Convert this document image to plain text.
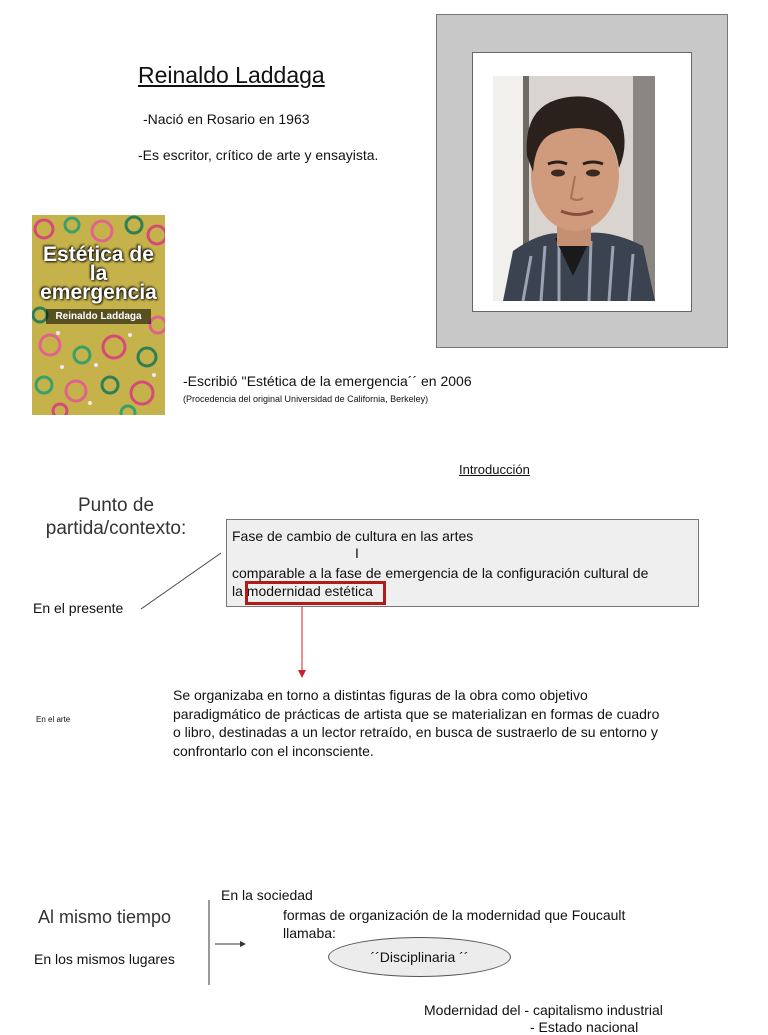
Reinaldo Laddaga
-Nació en Rosario en 1963
-Es escritor, crítico de arte y ensayista.
Estética de la
emergencia
Reinaldo Laddaga
-Escribió ''Estética de la emergencia´´ en 2006
(Procedencia del original Universidad de California, Berkeley)
Introducción
Punto de
partida/contexto:
En el presente
Fase de cambio de cultura en las artes
I
comparable a la fase de emergencia de la configuración cultural de
la modernidad estética
En el arte
Se organizaba en torno a distintas figuras de la obra como objetivo
paradigmático de prácticas de artista que se materializan en formas de cuadro
o libro, destinadas a un lector retraído, en busca de sustraerlo de su entorno y
confrontarlo con el inconsciente.
Al mismo tiempo
En los mismos lugares
En la sociedad
formas de organización de la modernidad que Foucault
llamaba:
´´Disciplinaria ´´
Modernidad del - capitalismo industrial
- Estado nacional
